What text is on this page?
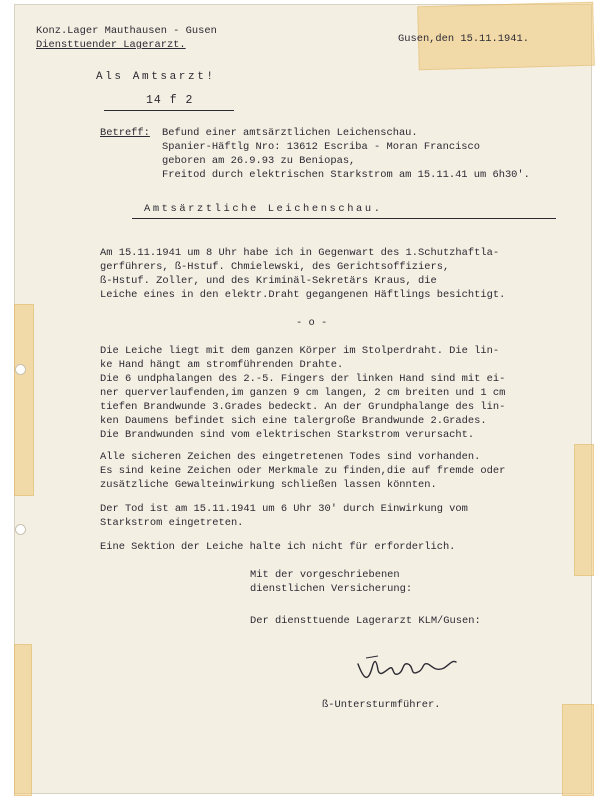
Konz.Lager Mauthausen - Gusen
Diensttuender Lagerarzt.	Gusen,den 15.11.1941.
Als Amtsarzt!
14 f 2
Betreff: Befund einer amtsärztlichen Leichenschau.
Spanier-Häftlg Nro: 13612 Escriba - Moran Francisco
geboren am 26.9.93 zu Beniopas,
Freitod durch elektrischen Starkstrom am 15.11.41 um 6h30'.
Amtsärztliche Leichenschau.
Am 15.11.1941 um 8 Uhr habe ich in Gegenwart des 1.Schutzhaftla-
gerführers, ß-Hstuf. Chmielewski, des Gerichtsoffiziers,
ß-Hstuf. Zoller, und des Kriminäl-Sekretärs Kraus, die
Leiche eines in den elektr.Draht gegangenen Häftlings besichtigt.
- o -
Die Leiche liegt mit dem ganzen Körper im Stolperdraht. Die lin-
ke Hand hängt am stromführenden Drahte.
Die 6 undphalangen des 2.-5. Fingers der linken Hand sind mit ei-
ner querverlaufenden,im ganzen 9 cm langen, 2 cm breiten und 1 cm
tiefen Brandwunde 3.Grades bedeckt. An der Grundphalange des lin-
ken Daumens befindet sich eine talergroße Brandwunde 2.Grades.
Die Brandwunden sind vom elektrischen Starkstrom verursacht.
Alle sicheren Zeichen des eingetretenen Todes sind vorhanden.
Es sind keine Zeichen oder Merkmale zu finden,die auf fremde oder
zusätzliche Gewalteinwirkung schließen lassen könnten.
Der Tod ist am 15.11.1941 um 6 Uhr 30' durch Einwirkung vom
Starkstrom eingetreten.
Eine Sektion der Leiche halte ich nicht für erforderlich.
Mit der vorgeschriebenen
dienstlichen Versicherung:
Der diensttuende Lagerarzt KLM/Gusen:
ß-Untersturmführer.
